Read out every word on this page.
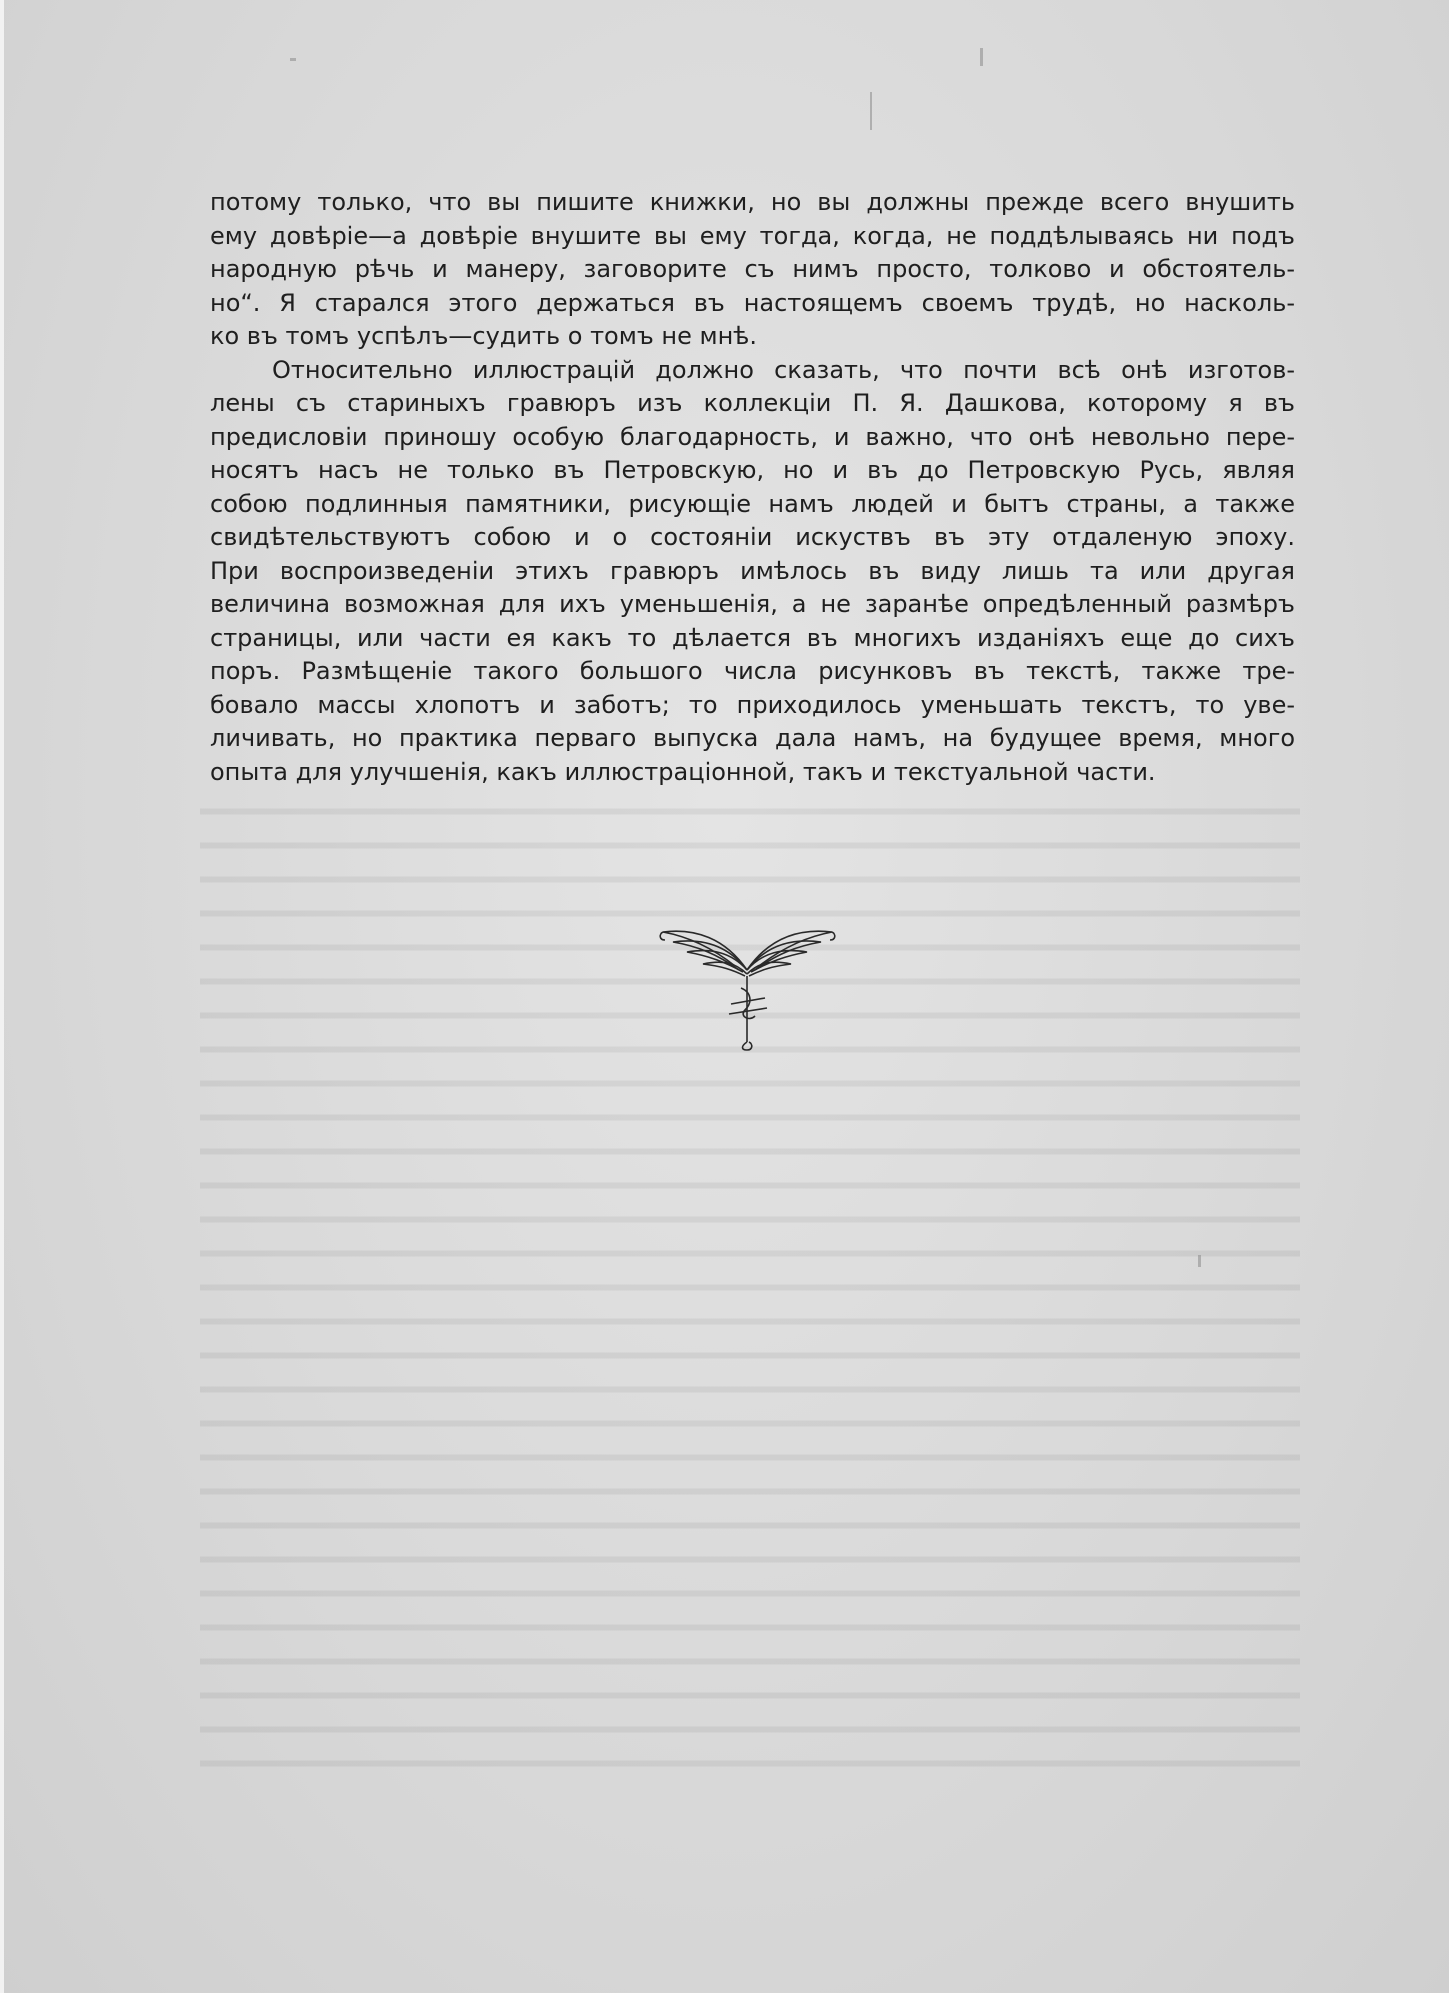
потому только, что вы пишите книжки, но вы должны прежде всего внушить
ему довѣріе—а довѣріе внушите вы ему тогда, когда, не поддѣлываясь ни подъ
народную рѣчь и манеру, заговорите съ нимъ просто, толково и обстоятель-
но“. Я старался этого держаться въ настоящемъ своемъ трудѣ, но насколь-
ко въ томъ успѣлъ—судить о томъ не мнѣ.
Относительно иллюстрацій должно сказать, что почти всѣ онѣ изготов-
лены съ стариныхъ гравюръ изъ коллекціи П. Я. Дашкова, которому я въ
предисловіи приношу особую благодарность, и важно, что онѣ невольно пере-
носятъ насъ не только въ Петровскую, но и въ до Петровскую Русь, являя
собою подлинныя памятники, рисующіе намъ людей и бытъ страны, а также
свидѣтельствуютъ собою и о состояніи искуствъ въ эту отдаленую эпоху.
При воспроизведеніи этихъ гравюръ имѣлось въ виду лишь та или другая
величина возможная для ихъ уменьшенія, а не заранѣе опредѣленный размѣръ
страницы, или части ея какъ то дѣлается въ многихъ изданіяхъ еще до сихъ
поръ. Размѣщеніе такого большого числа рисунковъ въ текстѣ, также тре-
бовало массы хлопотъ и заботъ; то приходилось уменьшать текстъ, то уве-
личивать, но практика перваго выпуска дала намъ, на будущее время, много
опыта для улучшенія, какъ иллюстраціонной, такъ и текстуальной части.
